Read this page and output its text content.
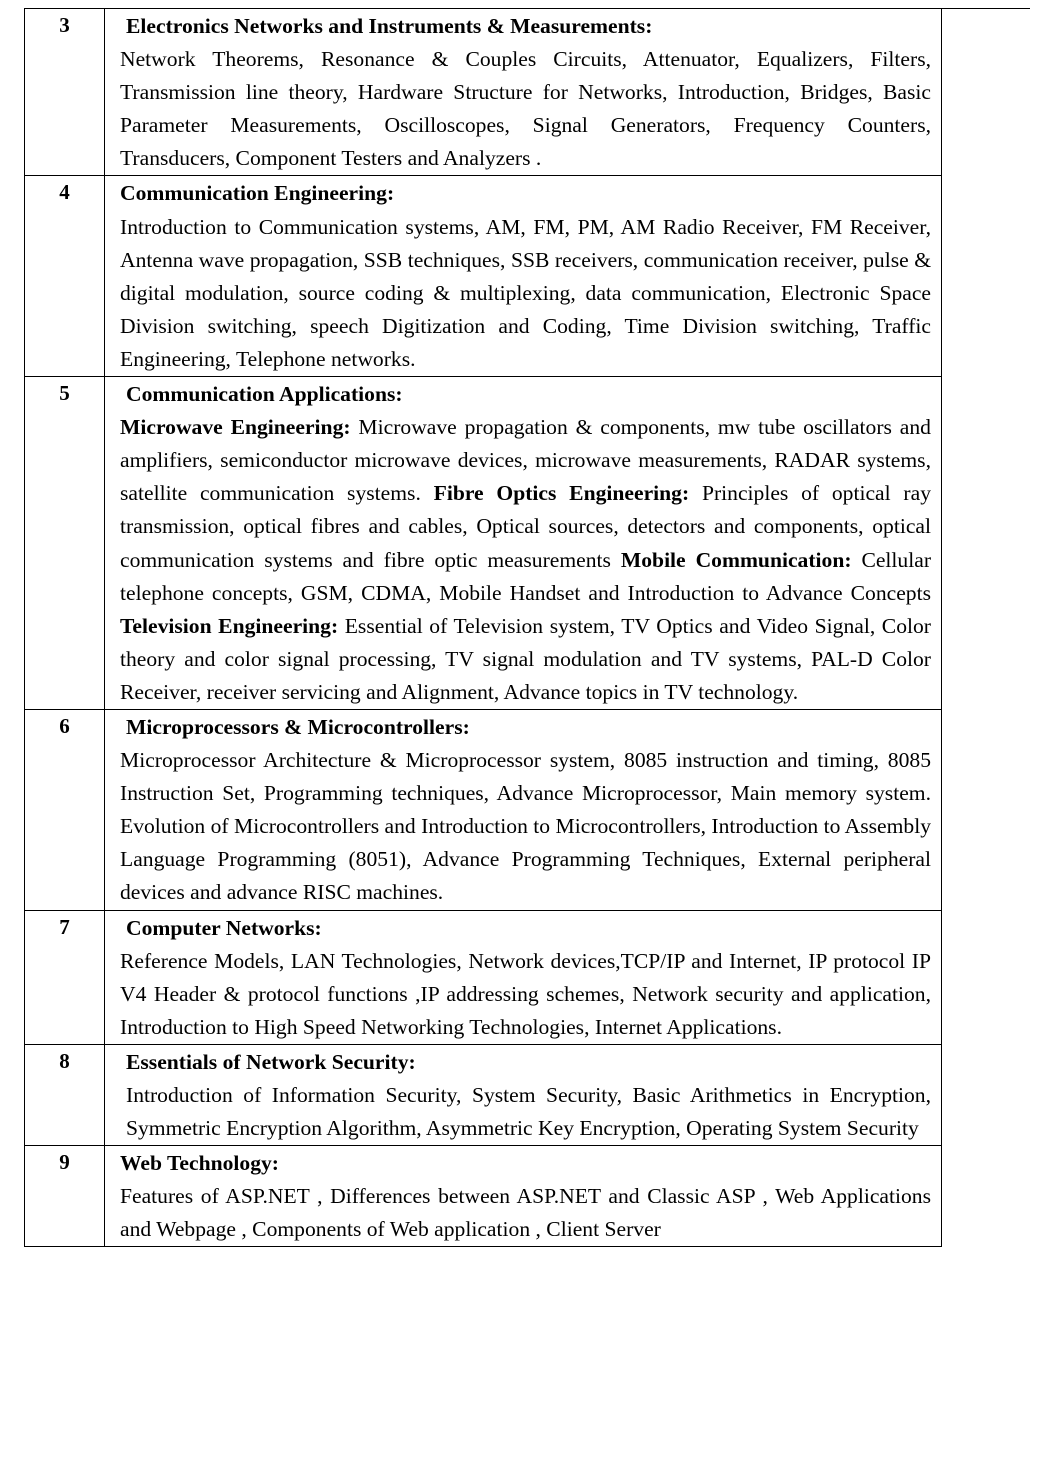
3	Electronics Networks and Instruments & Measurements:
Network Theorems, Resonance & Couples Circuits, Attenuator, Equalizers, Filters, Transmission line theory, Hardware Structure for Networks, Introduction, Bridges, Basic Parameter Measurements, Oscilloscopes, Signal Generators, Frequency Counters, Transducers, Component Testers and Analyzers .	

4	Communication Engineering:
Introduction to Communication systems, AM, FM, PM, AM Radio Receiver, FM Receiver, Antenna wave propagation, SSB techniques, SSB receivers, communication receiver, pulse & digital modulation, source coding & multiplexing, data communication, Electronic Space Division switching, speech Digitization and Coding, Time Division switching, Traffic Engineering, Telephone networks.	

5	Communication Applications:
Microwave Engineering: Microwave propagation & components, mw tube oscillators and amplifiers, semiconductor microwave devices, microwave measurements, RADAR systems, satellite communication systems. Fibre Optics Engineering: Principles of optical ray transmission, optical fibres and cables, Optical sources, detectors and components, optical communication systems and fibre optic measurements Mobile Communication: Cellular telephone concepts, GSM, CDMA, Mobile Handset and Introduction to Advance Concepts Television Engineering: Essential of Television system, TV Optics and Video Signal, Color theory and color signal processing, TV signal modulation and TV systems, PAL-D Color Receiver, receiver servicing and Alignment, Advance topics in TV technology.	

6	Microprocessors & Microcontrollers:
Microprocessor Architecture & Microprocessor system, 8085 instruction and timing, 8085 Instruction Set, Programming techniques, Advance Microprocessor, Main memory system. Evolution of Microcontrollers and Introduction to Microcontrollers, Introduction to Assembly Language Programming (8051), Advance Programming Techniques, External peripheral devices and advance RISC machines.	

7	Computer Networks:
Reference Models, LAN Technologies, Network devices,TCP/IP and Internet, IP protocol IP V4 Header & protocol functions ,IP addressing schemes, Network security and application, Introduction to High Speed Networking Technologies, Internet Applications.	

8	Essentials of Network Security:
Introduction of Information Security, System Security, Basic Arithmetics in Encryption, Symmetric Encryption Algorithm, Asymmetric Key Encryption, Operating System Security	

9	Web Technology:
Features of ASP.NET , Differences between ASP.NET and Classic ASP , Web Applications and Webpage , Components of Web application , Client Server	
